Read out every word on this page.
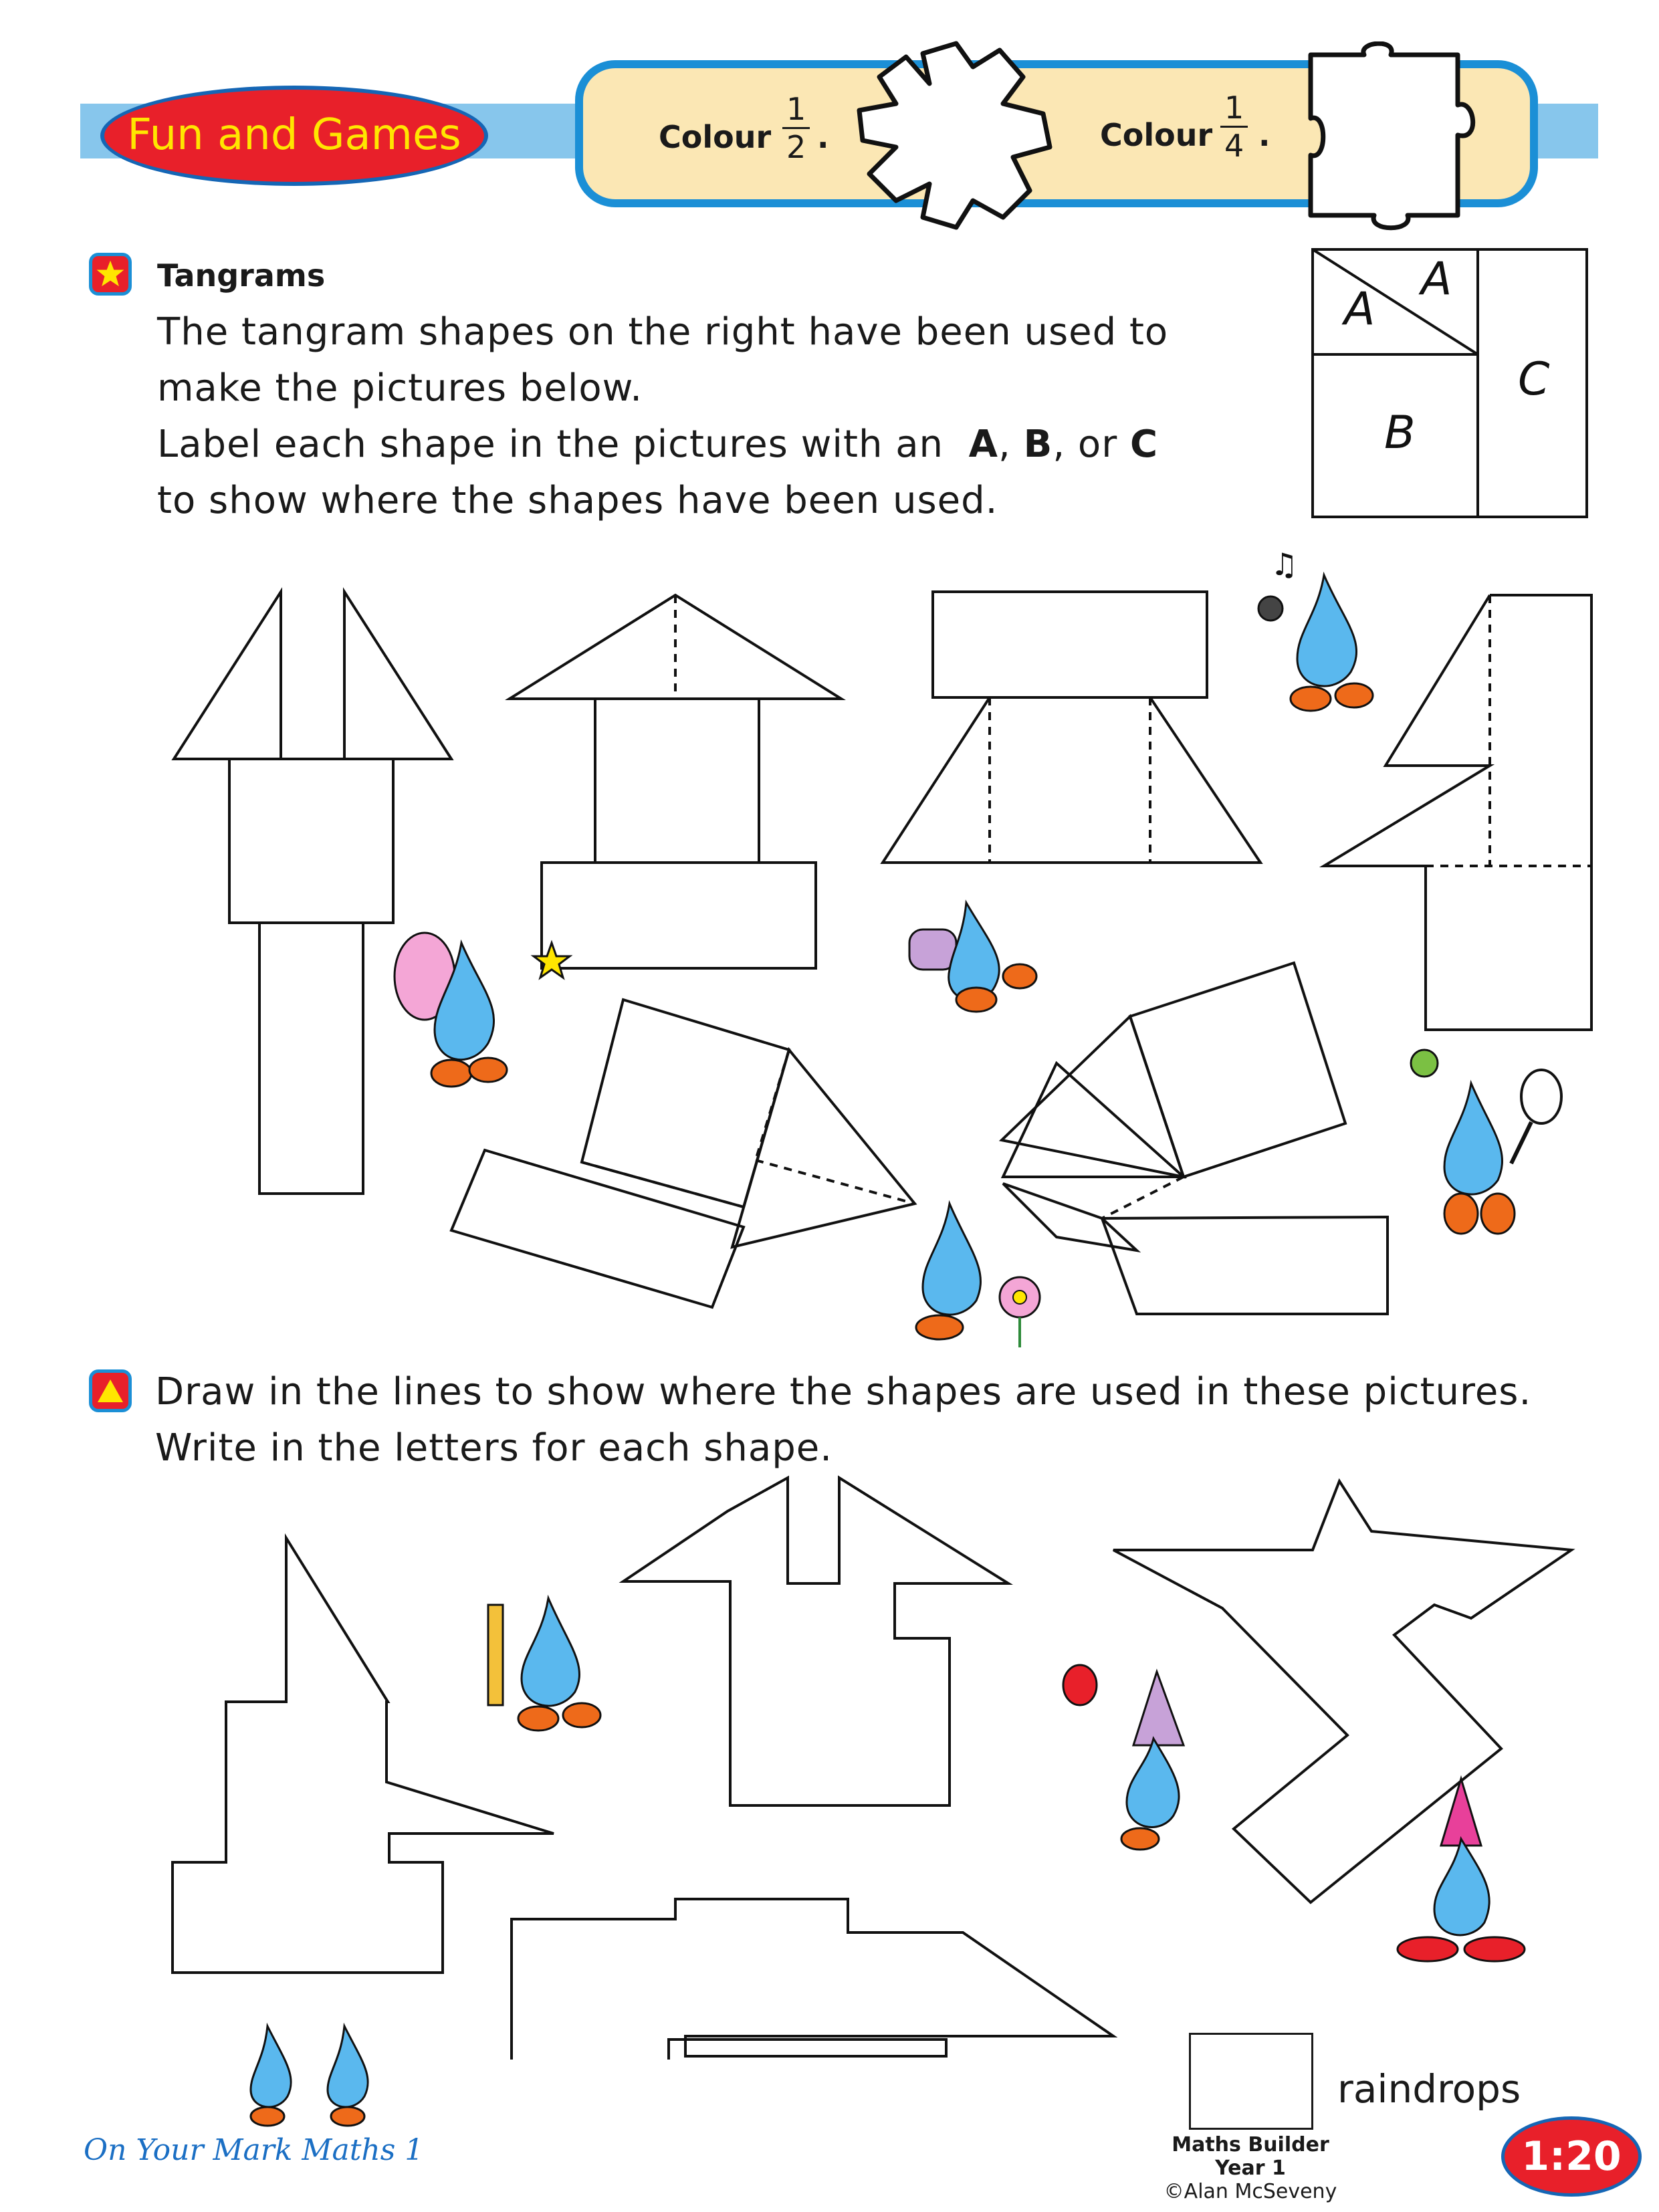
Fun and Games	Colour $\frac{1}{2}$ .	Colour $\frac{1}{4}$ .
Tangrams
The tangram shapes on the right have been used to
make the pictures below.
Label each shape in the pictures with an A, B, or C
to show where the shapes have been used.
A
A
B
C
♫
Draw in the lines to show where the shapes are used in these pictures.
Write in the letters for each shape.
On Your Mark Maths 1
raindrops
Maths Builder Year 1
©Alan McSeveny
1:20
